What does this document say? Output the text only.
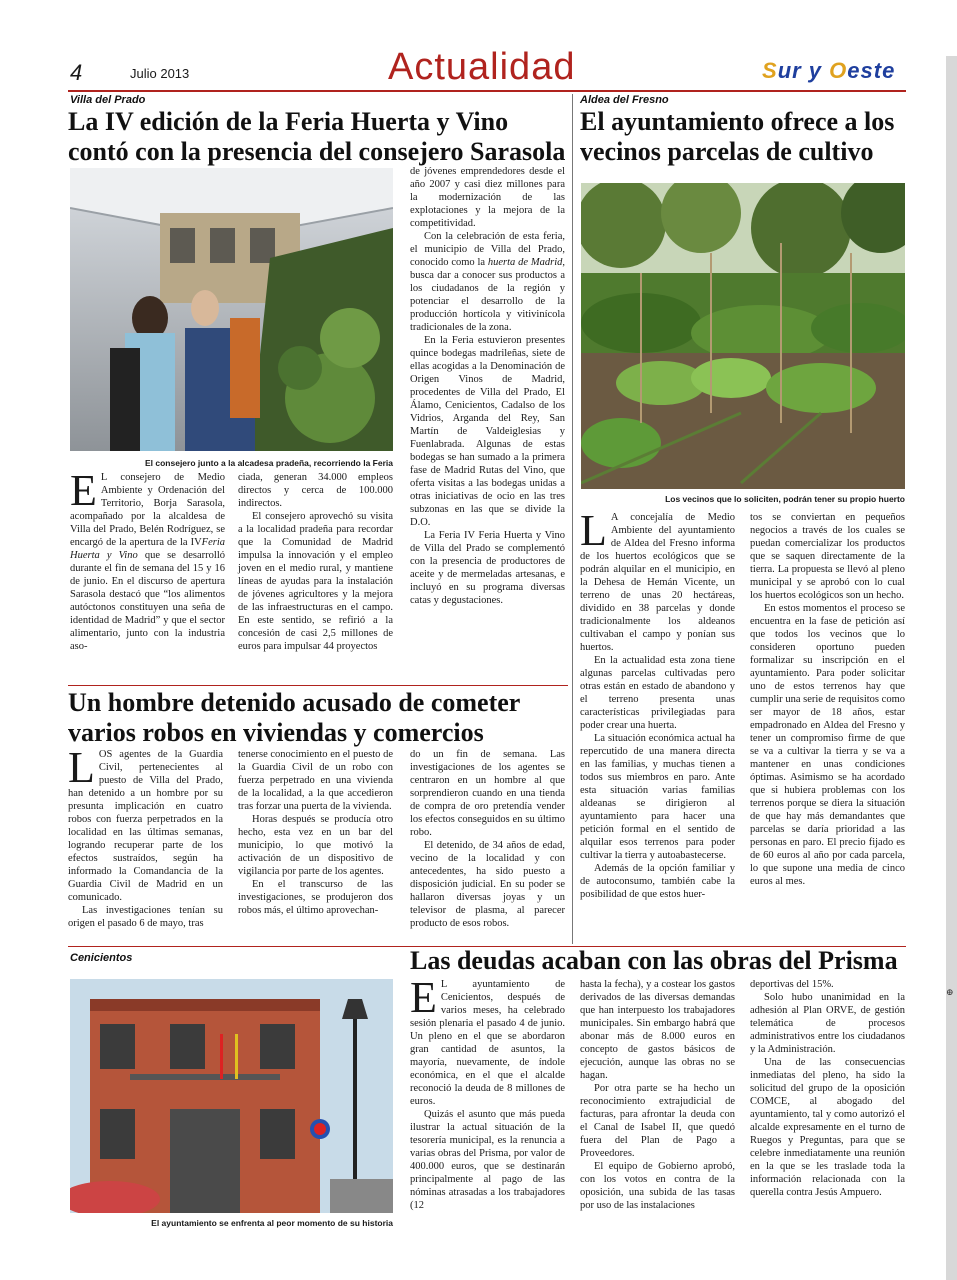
4	Julio 2013	Actualidad	Sur y Oeste
Villa del Prado
La IV edición de la Feria Huerta y Vino contó con la presencia del consejero Sarasola
El consejero junto a la alcadesa pradeña, recorriendo la Feria

E L consejero de Medio Ambiente y Ordenación del Territorio, Borja Sarasola, acompañado por la alcaldesa de Villa del Prado, Belén Rodríguez, se encargó de la apertura de la IVFeria Huerta y Vino que se desarrolló durante el fin de semana del 15 y 16 de junio. En el discurso de apertura Sarasola destacó que “los alimentos autóctonos constituyen una seña de identidad de Madrid” y que el sector alimentario, junto con la industria aso-

ciada, generan 34.000 empleos directos y cerca de 100.000 indirectos.

El consejero aprovechó su visita a la localidad pradeña para recordar que la Comunidad de Madrid impulsa la innovación y el empleo joven en el medio rural, y mantiene líneas de ayudas para la instalación de jóvenes agricultores y la mejora de las infraestructuras en el campo. En este sentido, se refirió a la concesión de casi 2,5 millones de euros para impulsar 44 proyectos

de jóvenes emprendedores desde el año 2007 y casi diez millones para la modernización de las explotaciones y la mejora de la competitividad.

Con la celebración de esta feria, el municipio de Villa del Prado, conocido como la huerta de Madrid, busca dar a conocer sus productos a los ciudadanos de la región y potenciar el desarrollo de la producción hortícola y vitivinícola tradicionales de la zona.

En la Feria estuvieron presentes quince bodegas madrileñas, siete de ellas acogidas a la Denominación de Origen Vinos de Madrid, procedentes de Villa del Prado, El Álamo, Cenicientos, Cadalso de los Vidrios, Arganda del Rey, San Martín de Valdeiglesias y Fuenlabrada. Algunas de estas bodegas se han sumado a la primera fase de Madrid Rutas del Vino, que oferta visitas a las bodegas unidas a otras iniciativas de ocio en las tres subzonas en las que se divide la D.O.

La Feria IV Feria Huerta y Vino de Villa del Prado se complementó con la presencia de productores de aceite y de mermeladas artesanas, e incluyó en su programa diversas catas y degustaciones.

Aldea del Fresno
El ayuntamiento ofrece a los vecinos parcelas de cultivo
Los vecinos que lo soliciten, podrán tener su propio huerto

L A concejalía de Medio Ambiente del ayuntamiento de Aldea del Fresno informa de los huertos ecológicos que se podrán alquilar en el municipio, en la Dehesa de Hemán Vicente, un terreno de unas 20 hectáreas, dividido en 38 parcelas y donde tradicionalmente los aldeanos cultivaban el campo y ponían sus huertos.

En la actualidad esta zona tiene algunas parcelas cultivadas pero otras están en estado de abandono y el terreno presenta unas características privilegiadas para poder crear una huerta.

La situación económica actual ha repercutido de una manera directa en las familias, y muchas tienen a todos sus miembros en paro. Ante esta situación varias familias aldeanas se dirigieron al ayuntamiento para hacer una petición formal en el sentido de alquilar esos terrenos para poder cultivar la tierra y autoabastecerse.

Además de la opción familiar y de autoconsumo, también cabe la posibilidad de que estos huer-

tos se conviertan en pequeños negocios a través de los cuales se puedan comercializar los productos que se saquen directamente de la tierra. La propuesta se llevó al pleno municipal y se aprobó con lo cual los huertos ecológicos son un hecho.

En estos momentos el proceso se encuentra en la fase de petición así que todos los vecinos que lo consideren oportuno pueden formalizar su inscripción en el ayuntamiento. Para poder solicitar uno de estos terrenos hay que cumplir una serie de requisitos como ser mayor de 18 años, estar empadronado en Aldea del Fresno y tener un compromiso firme de que se va a cultivar la tierra y se va a mantener en unas condiciones óptimas. Asimismo se ha acordado que si hubiera problemas con los terrenos porque se diera la situación de que hay más demandantes que parcelas se daría prioridad a las personas en paro. El precio fijado es de 60 euros al año por cada parcela, lo que supone una media de cinco euros al mes.

Un hombre detenido acusado de cometer varios robos en viviendas y comercios

LOS agentes de la Guardia Civil, pertenecientes al puesto de Villa del Prado, han detenido a un hombre por su presunta implicación en cuatro robos con fuerza perpetrados en la localidad en las últimas semanas, logrando recuperar parte de los efectos sustraídos, según ha informado la Comandancia de la Guardia Civil de Madrid en un comunicado.

Las investigaciones tenían su origen el pasado 6 de mayo, tras

tenerse conocimiento en el puesto de la Guardia Civil de un robo con fuerza perpetrado en una vivienda de la localidad, a la que accedieron tras forzar una puerta de la vivienda.

Horas después se producía otro hecho, esta vez en un bar del municipio, lo que motivó la activación de un dispositivo de vigilancia por parte de los agentes.

En el transcurso de las investigaciones, se produjeron dos robos más, el último aprovechan-

do un fin de semana. Las investigaciones de los agentes se centraron en un hombre al que sorprendieron cuando en una tienda de compra de oro pretendía vender los efectos conseguidos en su último robo.

El detenido, de 34 años de edad, vecino de la localidad y con antecedentes, ha sido puesto a disposición judicial. En su poder se hallaron diversas joyas y un televisor de plasma, al parecer producto de esos robos.

Cenicientos	Las deudas acaban con las obras del Prisma
El ayuntamiento se enfrenta al peor momento de su historia

E L ayuntamiento de Cenicientos, después de varios meses, ha celebrado sesión plenaria el pasado 4 de junio. Un pleno en el que se abordaron gran cantidad de asuntos, la mayoría, nuevamente, de índole económica, en el que el alcalde reconoció la deuda de 8 millones de euros.

Quizás el asunto que más pueda ilustrar la actual situación de la tesorería municipal, es la renuncia a varias obras del Prisma, por valor de 400.000 euros, que se destinarán principalmente al pago de las nóminas atrasadas a los trabajadores (12

hasta la fecha), y a costear los gastos derivados de las diversas demandas que han interpuesto los trabajadores municipales. Sin embargo habrá que abonar más de 8.000 euros en concepto de gastos básicos de ejecución, aunque las obras no se hagan.

Por otra parte se ha hecho un reconocimiento extrajudicial de facturas, para afrontar la deuda con el Canal de Isabel II, que quedó fuera del Plan de Pago a Proveedores.

El equipo de Gobierno aprobó, con los votos en contra de la oposición, una subida de las tasas por uso de las instalaciones

deportivas del 15%.

Solo hubo unanimidad en la adhesión al Plan ORVE, de gestión telemática de procesos administrativos entre los ciudadanos y la Administración.

Una de las consecuencias inmediatas del pleno, ha sido la solicitud del grupo de la oposición COMCE, al abogado del ayuntamiento, tal y como autorizó el alcalde expresamente en el turno de Ruegos y Preguntas, para que se celebre inmediatamente una reunión en la que se les traslade toda la información relacionada con la querella contra Jesús Ampuero.

⊕
